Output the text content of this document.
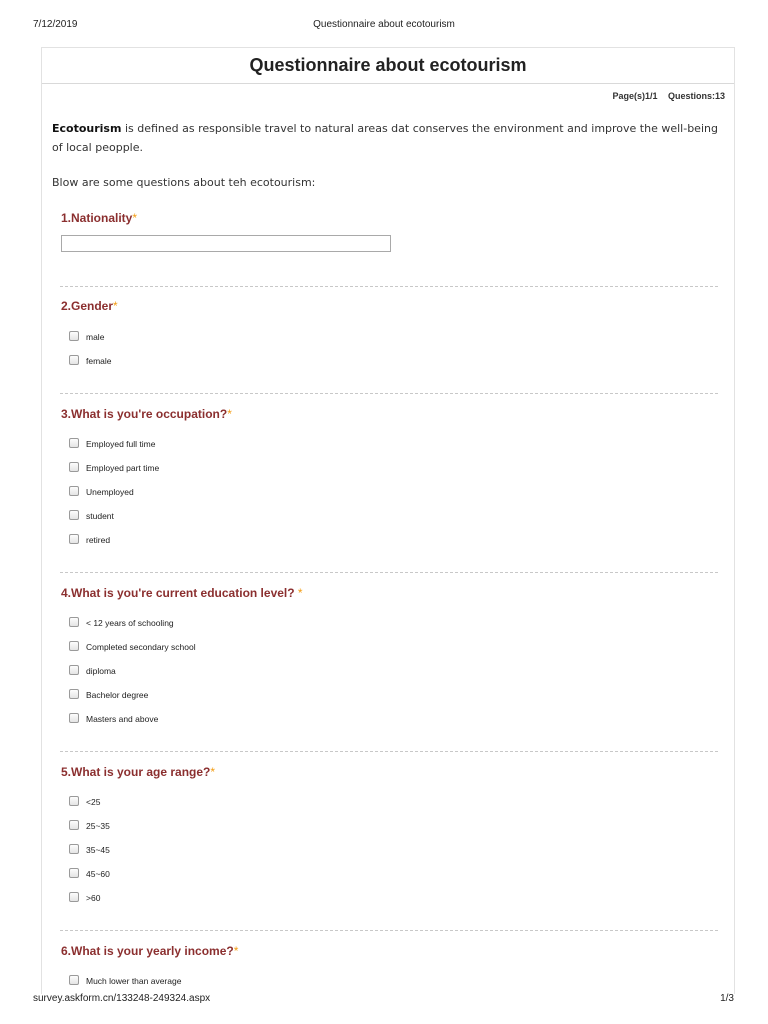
7/12/2019	Questionnaire about ecotourism
Questionnaire about ecotourism
Page(s)1/1 Questions:13
Ecotourism is defined as responsible travel to natural areas dat conserves the environment and improve the well-being of local peopple.
Blow are some questions about teh ecotourism:
1.Nationality*
2.Gender*
male
female
3.What is you're occupation?*
Employed full time
Employed part time
Unemployed
student
retired
4.What is you're current education level? *
< 12 years of schooling
Completed secondary school
diploma
Bachelor degree
Masters and above
5.What is your age range?*
<25
25~35
35~45
45~60
>60
6.What is your yearly income?*
Much lower than average
survey.askform.cn/133248-249324.aspx	1/3
